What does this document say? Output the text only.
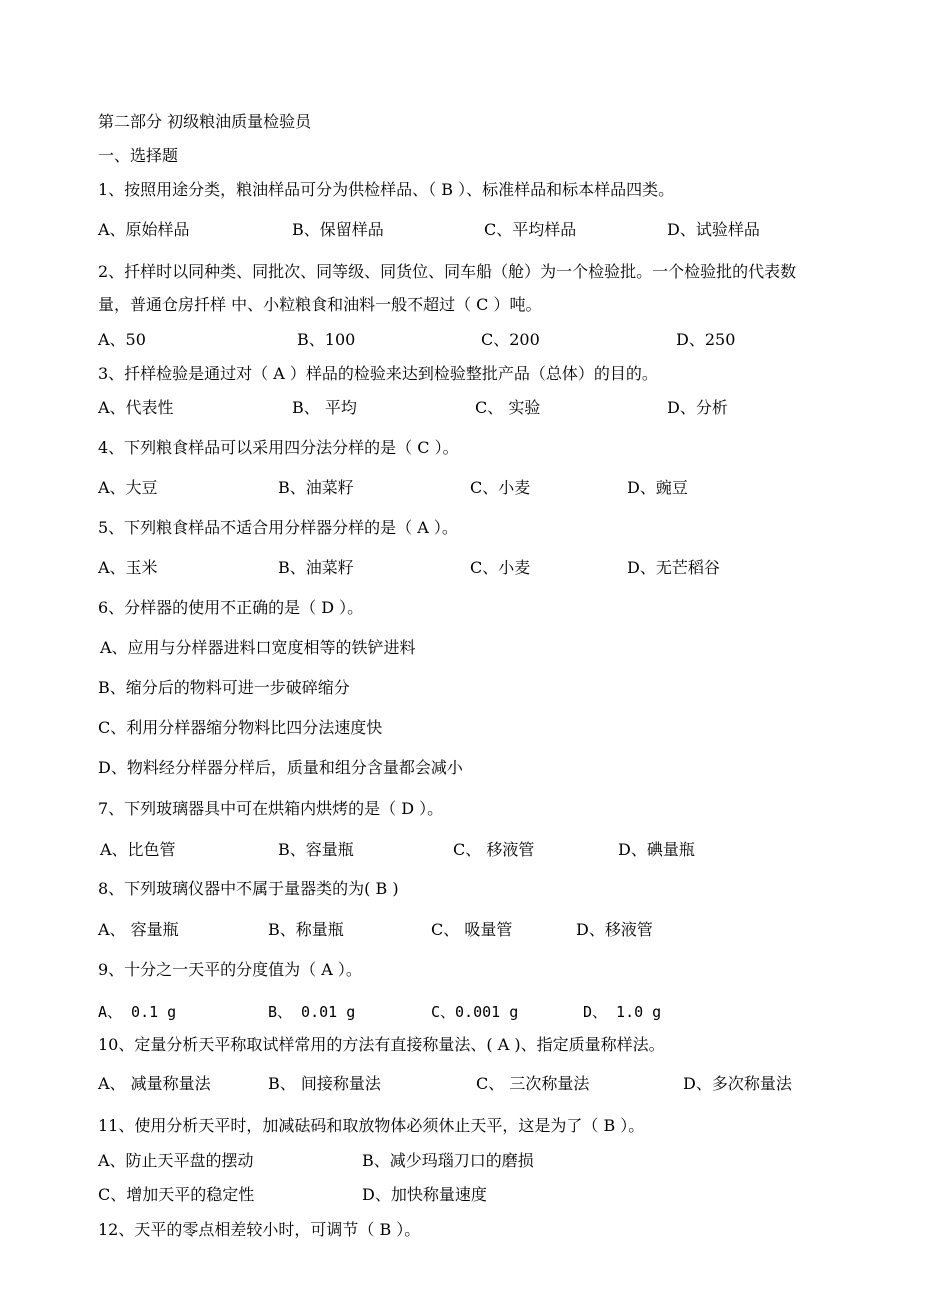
第二部分 初级粮油质量检验员
一、选择题
1、按照用途分类，粮油样品可分为供检样品、（ B ）、标准样品和标本样品四类。
A、原始样品	B、保留样品	C、平均样品	D、试验样品
2、扦样时以同种类、同批次、同等级、同货位、同车船（舱）为一个检验批。一个检验批的代表数
量，普通仓房扦样 中、小粒粮食和油料一般不超过（ C ）吨。
A、50	B、100	C、200	D、250
3、扦样检验是通过对（ A ）样品的检验来达到检验整批产品（总体）的目的。
A、代表性	B、 平均	C、 实验	D、分析
4、下列粮食样品可以采用四分法分样的是（ C ）。
A、大豆	B、油菜籽	C、小麦	D、豌豆
5、下列粮食样品不适合用分样器分样的是（ A ）。
A、玉米	B、油菜籽	C、小麦	D、无芒稻谷
6、分样器的使用不正确的是（ D ）。
A、应用与分样器进料口宽度相等的铁铲进料
B、缩分后的物料可进一步破碎缩分
C、利用分样器缩分物料比四分法速度快
D、物料经分样器分样后，质量和组分含量都会减小
7、下列玻璃器具中可在烘箱内烘烤的是（ D ）。
A、比色管	B、容量瓶	C、 移液管	D、碘量瓶
8、下列玻璃仪器中不属于量器类的为( B )
A、 容量瓶	B、称量瓶	C、 吸量管	D、移液管
9、十分之一天平的分度值为（ A ）。
A、 0.1 g	B、 0.01 g	C、0.001 g	D、 1.0 g
10、定量分析天平称取试样常用的方法有直接称量法、( A )、指定质量称样法。
A、 减量称量法	B、 间接称量法	C、 三次称量法	D、多次称量法
11、使用分析天平时，加减砝码和取放物体必须休止天平，这是为了（ B ）。
A、防止天平盘的摆动	B、减少玛瑙刀口的磨损
C、增加天平的稳定性	D、加快称量速度
12、天平的零点相差较小时，可调节（ B ）。
